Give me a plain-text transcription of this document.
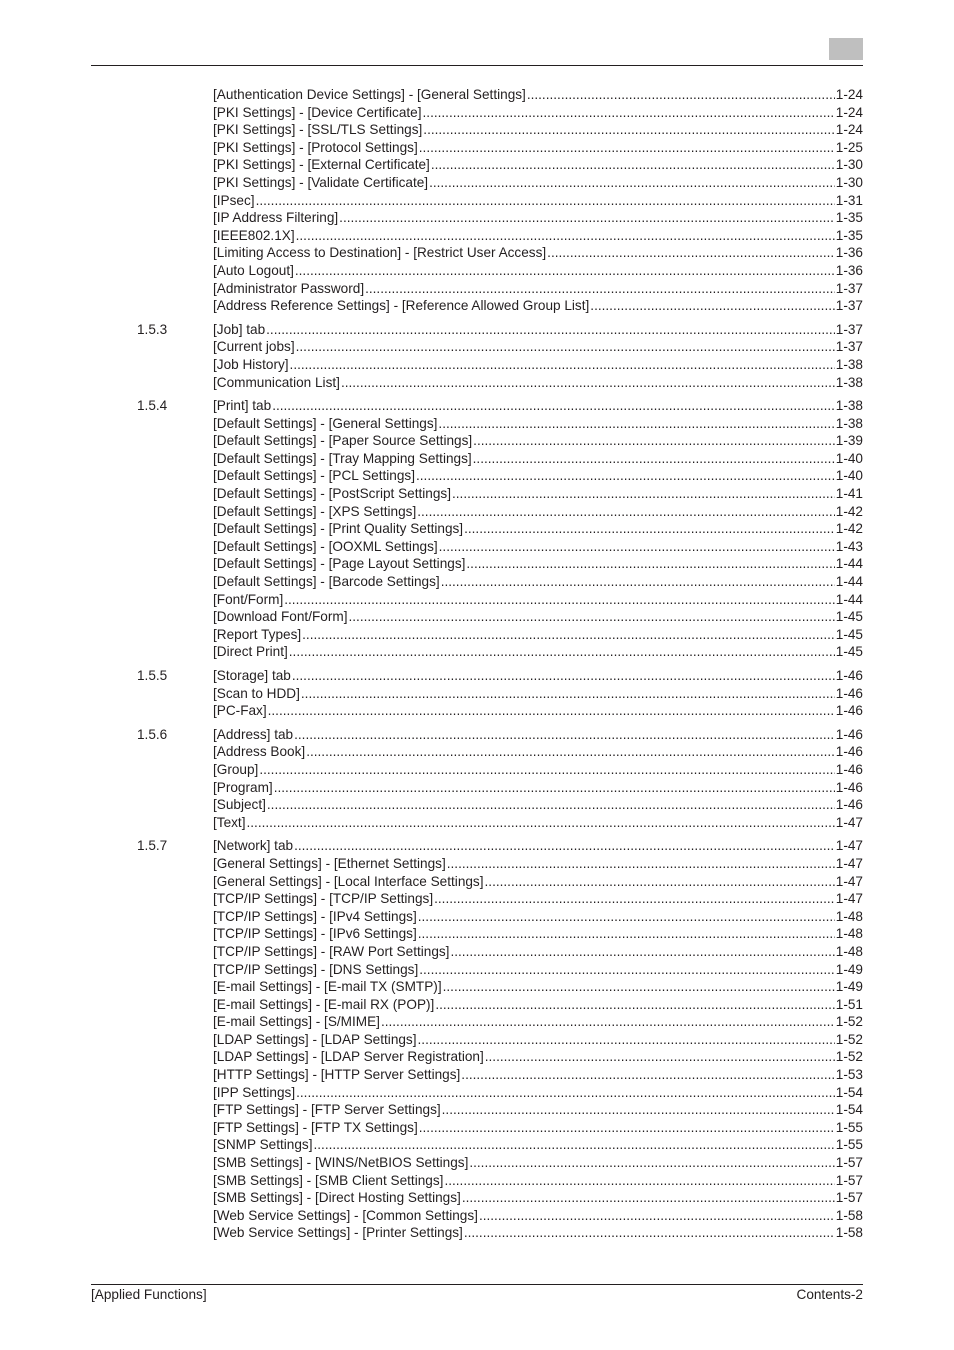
[Authentication Device Settings] - [General Settings] .....	1-24
[PKI Settings] - [Device Certificate] .....	1-24
[PKI Settings] - [SSL/TLS Settings] .....	1-24
[PKI Settings] - [Protocol Settings] .....	1-25
[PKI Settings] - [External Certificate] .....	1-30
[PKI Settings] - [Validate Certificate] .....	1-30
[IPsec] .....	1-31
[IP Address Filtering] .....	1-35
[IEEE802.1X] .....	1-35
[Limiting Access to Destination] - [Restrict User Access] .....	1-36
[Auto Logout] .....	1-36
[Administrator Password] .....	1-37
[Address Reference Settings] - [Reference Allowed Group List] .....	1-37
1.5.3	[Job] tab .....	1-37
[Current jobs] .....	1-37
[Job History] .....	1-38
[Communication List] .....	1-38
1.5.4	[Print] tab .....	1-38
[Default Settings] - [General Settings] .....	1-38
[Default Settings] - [Paper Source Settings] .....	1-39
[Default Settings] - [Tray Mapping Settings] .....	1-40
[Default Settings] - [PCL Settings] .....	1-40
[Default Settings] - [PostScript Settings] .....	1-41
[Default Settings] - [XPS Settings] .....	1-42
[Default Settings] - [Print Quality Settings] .....	1-42
[Default Settings] - [OOXML Settings] .....	1-43
[Default Settings] - [Page Layout Settings] .....	1-44
[Default Settings] - [Barcode Settings] .....	1-44
[Font/Form] .....	1-44
[Download Font/Form] .....	1-45
[Report Types] .....	1-45
[Direct Print] .....	1-45
1.5.5	[Storage] tab .....	1-46
[Scan to HDD] .....	1-46
[PC-Fax] .....	1-46
1.5.6	[Address] tab .....	1-46
[Address Book] .....	1-46
[Group] .....	1-46
[Program] .....	1-46
[Subject] .....	1-46
[Text] .....	1-47
1.5.7	[Network] tab .....	1-47
[General Settings] - [Ethernet Settings] .....	1-47
[General Settings] - [Local Interface Settings] .....	1-47
[TCP/IP Settings] - [TCP/IP Settings] .....	1-47
[TCP/IP Settings] - [IPv4 Settings] .....	1-48
[TCP/IP Settings] - [IPv6 Settings] .....	1-48
[TCP/IP Settings] - [RAW Port Settings] .....	1-48
[TCP/IP Settings] - [DNS Settings] .....	1-49
[E-mail Settings] - [E-mail TX (SMTP)] .....	1-49
[E-mail Settings] - [E-mail RX (POP)] .....	1-51
[E-mail Settings] - [S/MIME] .....	1-52
[LDAP Settings] - [LDAP Settings] .....	1-52
[LDAP Settings] - [LDAP Server Registration] .....	1-52
[HTTP Settings] - [HTTP Server Settings] .....	1-53
[IPP Settings] .....	1-54
[FTP Settings] - [FTP Server Settings] .....	1-54
[FTP Settings] - [FTP TX Settings] .....	1-55
[SNMP Settings] .....	1-55
[SMB Settings] - [WINS/NetBIOS Settings] .....	1-57
[SMB Settings] - [SMB Client Settings] .....	1-57
[SMB Settings] - [Direct Hosting Settings] .....	1-57
[Web Service Settings] - [Common Settings] .....	1-58
[Web Service Settings] - [Printer Settings] .....	1-58
[Applied Functions]	Contents-2
